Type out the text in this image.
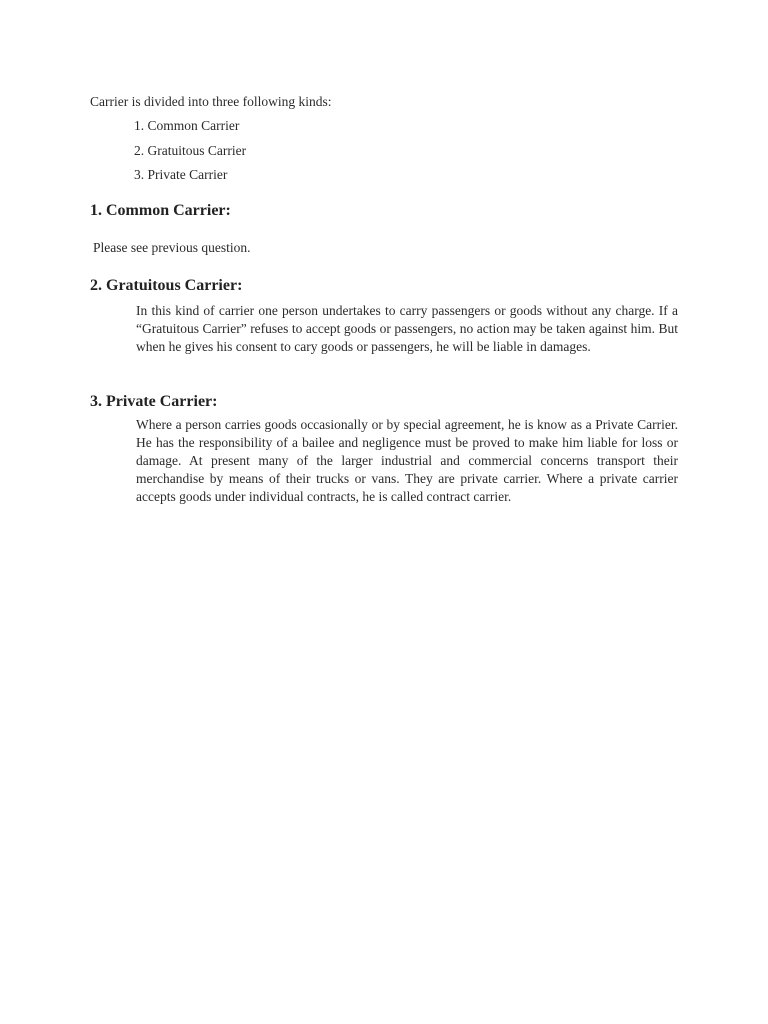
Carrier is divided into three following kinds:

1. Common Carrier
2. Gratuitous Carrier
3. Private Carrier
1. Common Carrier:

Please see previous question.

2. Gratuitous Carrier:

In this kind of carrier one person undertakes to carry passengers or goods without any charge. If a “Gratuitous Carrier” refuses to accept goods or passengers, no action may be taken against him. But when he gives his consent to cary goods or passengers, he will be liable in damages.

3. Private Carrier:

Where a person carries goods occasionally or by special agreement, he is know as a Private Carrier. He has the responsibility of a bailee and negligence must be proved to make him liable for loss or damage. At present many of the larger industrial and commercial concerns transport their merchandise by means of their trucks or vans. They are private carrier. Where a private carrier accepts goods under individual contracts, he is called contract carrier.
